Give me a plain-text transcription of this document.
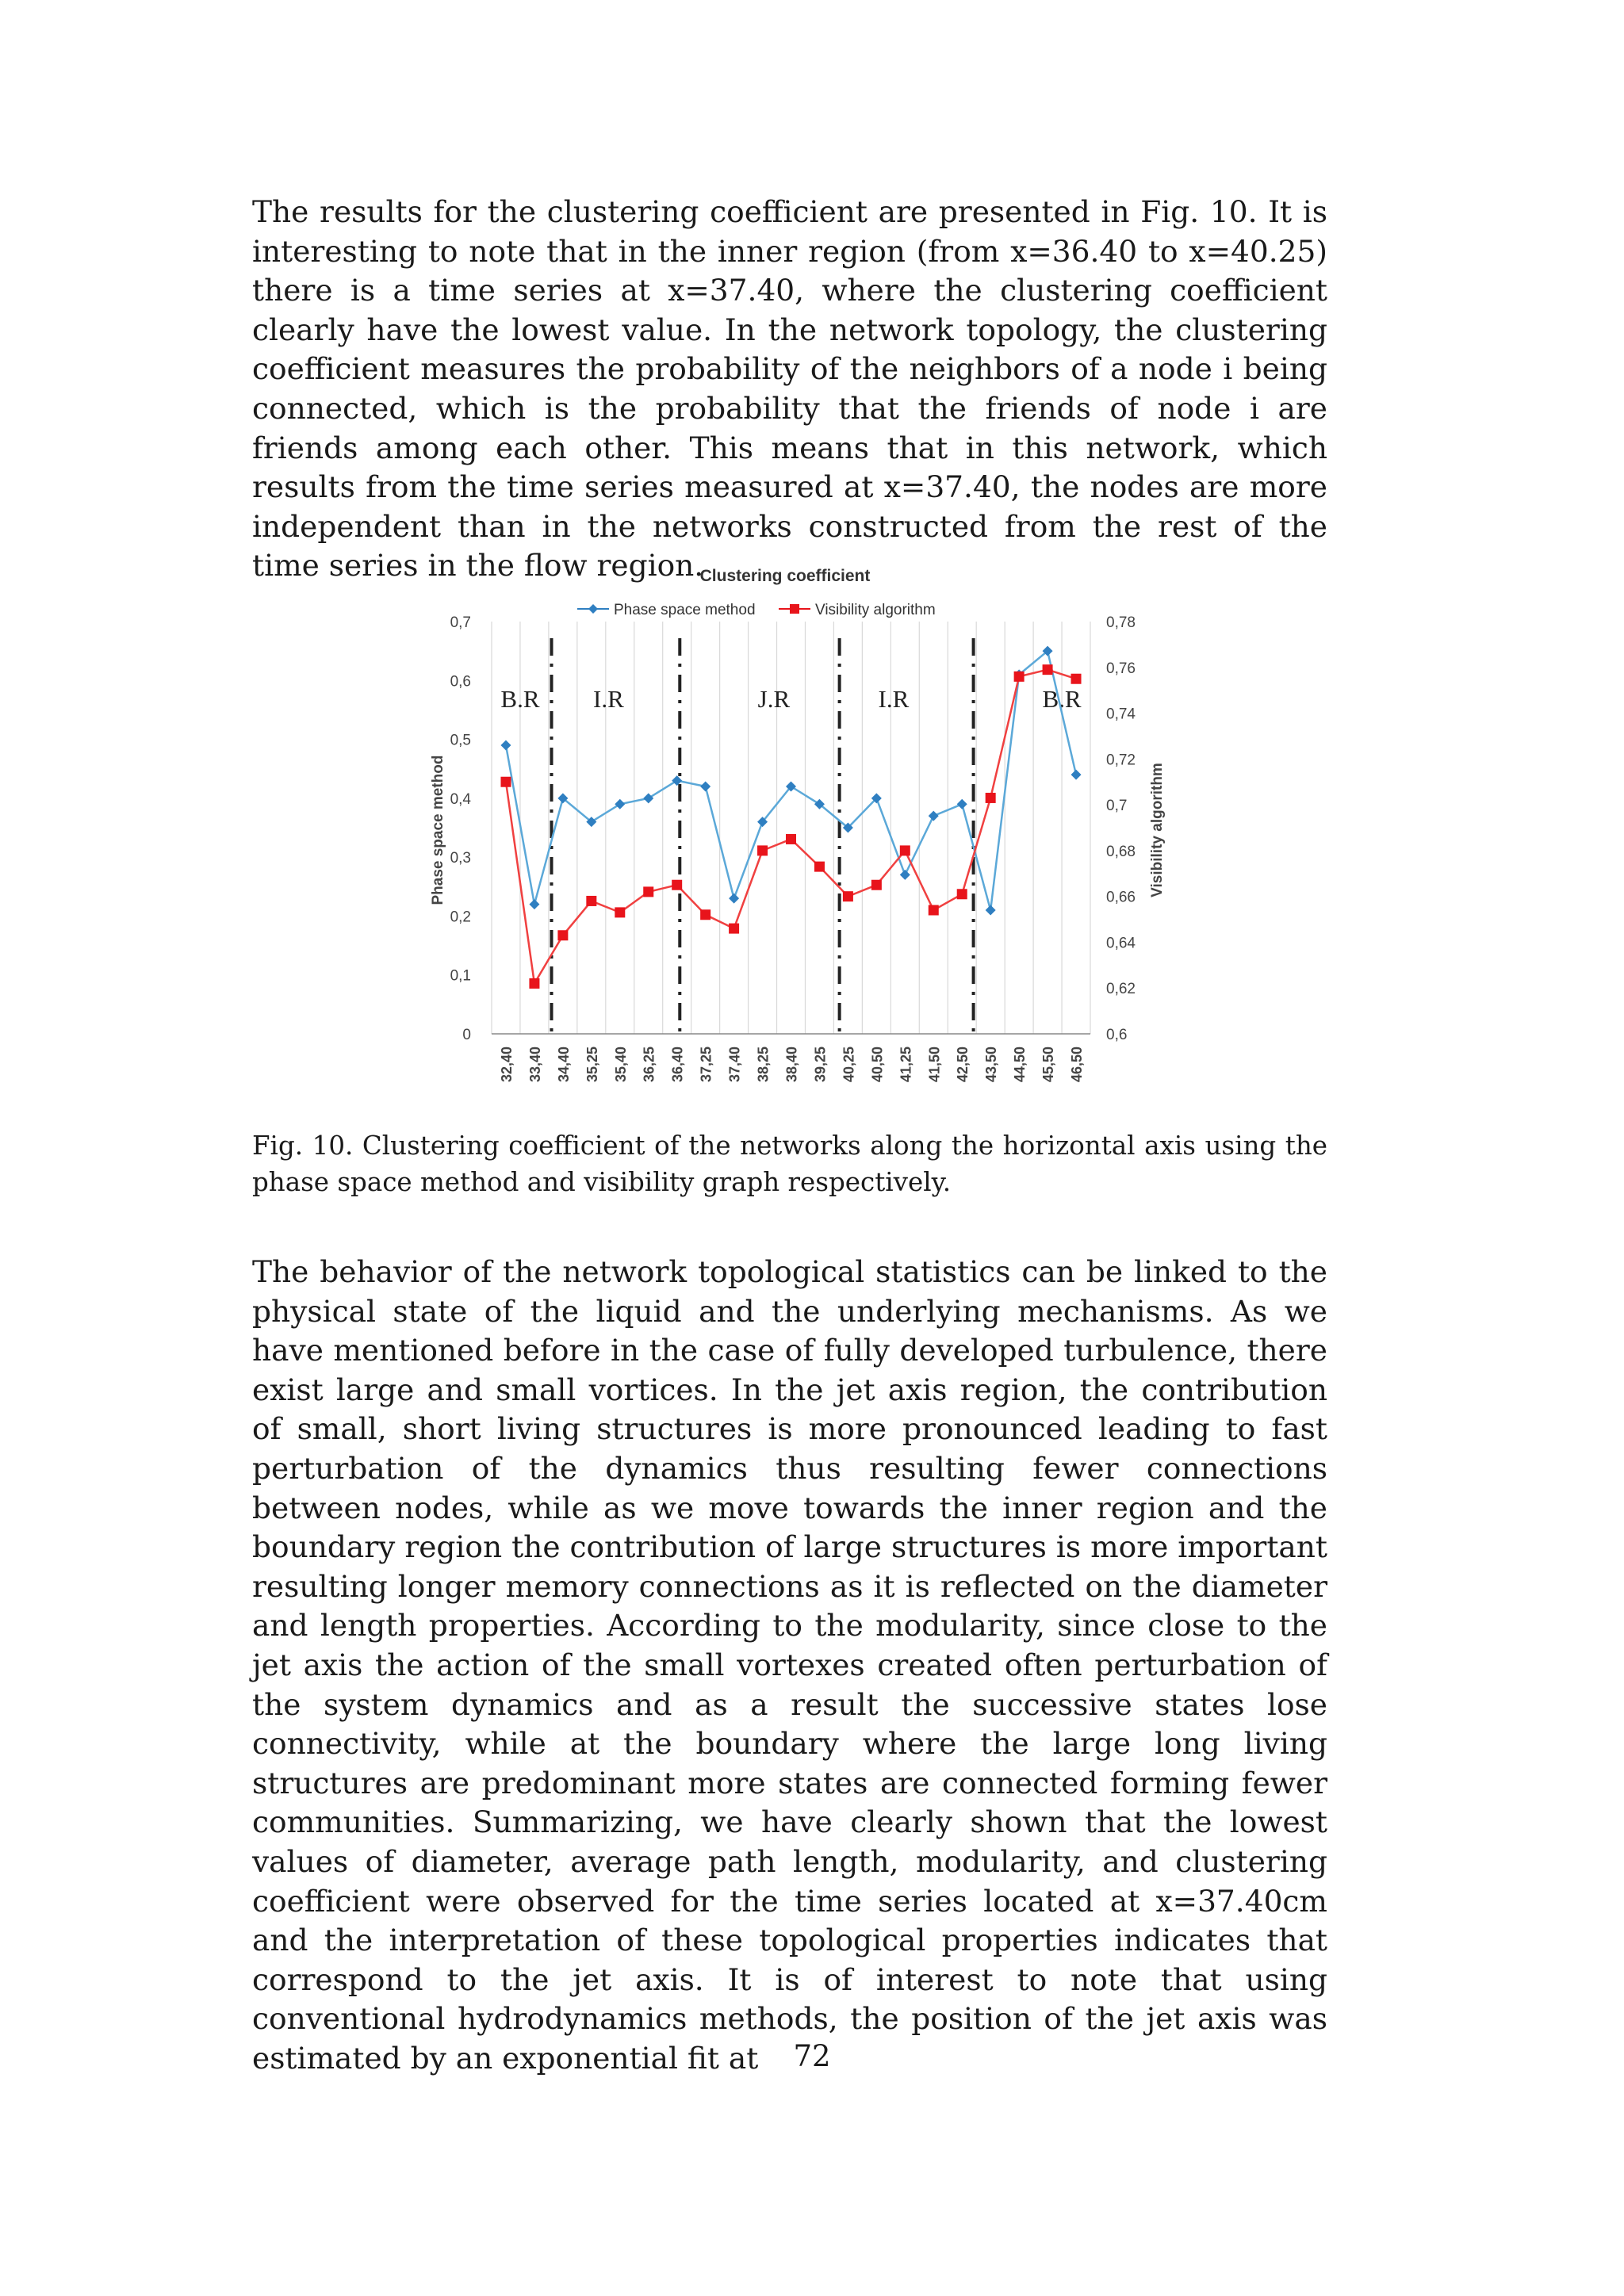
The results for the clustering coefficient are presented in Fig. 10. It is interesting to note that in the inner region (from x=36.40 to x=40.25) there is a time series at x=37.40, where the clustering coefficient clearly have the lowest value. In the network topology, the clustering coefficient measures the probability of the neighbors of a node i being connected, which is the probability that the friends of node i are friends among each other. This means that in this network, which results from the time series measured at x=37.40, the nodes are more independent than in the networks constructed from the rest of the time series in the flow region.
Clustering coefficient
Phase space method	Visibility algorithm
0
0,1
0,2
0,3
0,4
0,5
0,6
0,7
0,6
0,62
0,64
0,66
0,68
0,7
0,72
0,74
0,76
0,78
32,40 33,40 34,40 35,25 35,40 36,25 36,40 37,25 37,40 38,25 38,40 39,25 40,25 40,50 41,25 41,50 42,50 43,50 44,50 45,50 46,50
Phase space method	Visibility algorithm
B.R I.R	J.R	I.R	B.R
Fig. 10. Clustering coefficient of the networks along the horizontal axis using the phase space method and visibility graph respectively.
The behavior of the network topological statistics can be linked to the physical state of the liquid and the underlying mechanisms. As we have mentioned before in the case of fully developed turbulence, there exist large and small vortices. In the jet axis region, the contribution of small, short living structures is more pronounced leading to fast perturbation of the dynamics thus resulting fewer connections between nodes, while as we move towards the inner region and the boundary region the contribution of large structures is more important resulting longer memory connections as it is reflected on the diameter and length properties. According to the modularity, since close to the jet axis the action of the small vortexes created often perturbation of the system dynamics and as a result the successive states lose connectivity, while at the boundary where the large long living structures are predominant more states are connected forming fewer communities. Summarizing, we have clearly shown that the lowest values of diameter, average path length, modularity, and clustering coefficient were observed for the time series located at x=37.40cm and the interpretation of these topological properties indicates that correspond to the jet axis. It is of interest to note that using conventional hydrodynamics methods, the position of the jet axis was estimated by an exponential fit at	72
